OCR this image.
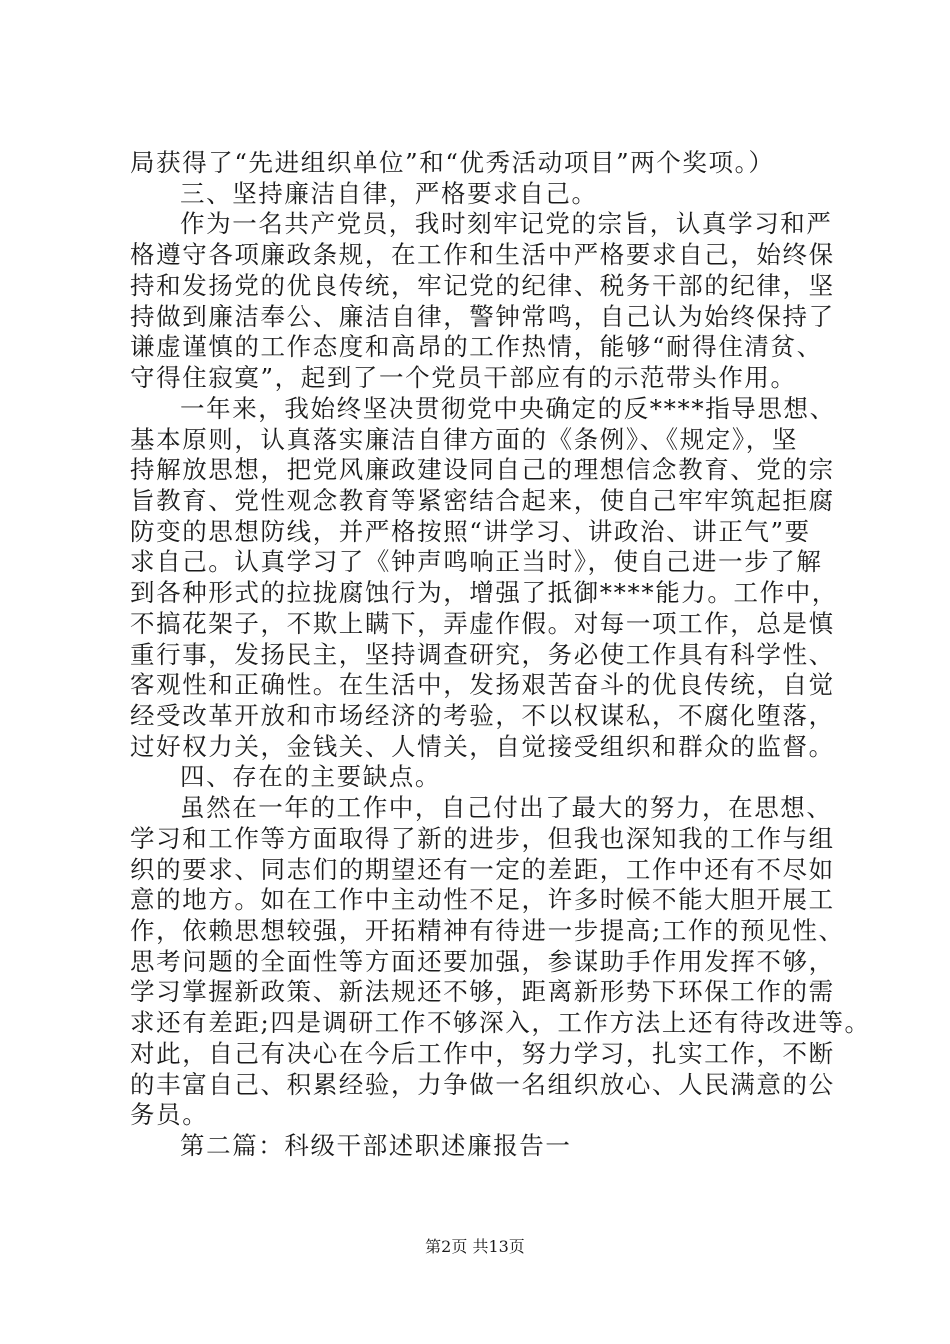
局获得了“先进组织单位”和“优秀活动项目”两个奖项。）
三、坚持廉洁自律，严格要求自己。
作为一名共产党员，我时刻牢记党的宗旨，认真学习和严
格遵守各项廉政条规，在工作和生活中严格要求自己，始终保
持和发扬党的优良传统，牢记党的纪律、税务干部的纪律，坚
持做到廉洁奉公、廉洁自律，警钟常鸣，自己认为始终保持了
谦虚谨慎的工作态度和高昂的工作热情，能够“耐得住清贫、
守得住寂寞”，起到了一个党员干部应有的示范带头作用。
一年来，我始终坚决贯彻党中央确定的反****指导思想、
基本原则，认真落实廉洁自律方面的《条例》、《规定》，坚
持解放思想，把党风廉政建设同自己的理想信念教育、党的宗
旨教育、党性观念教育等紧密结合起来，使自己牢牢筑起拒腐
防变的思想防线，并严格按照“讲学习、讲政治、讲正气”要
求自己。认真学习了《钟声鸣响正当时》，使自己进一步了解
到各种形式的拉拢腐蚀行为，增强了抵御****能力。工作中，
不搞花架子，不欺上瞒下，弄虚作假。对每一项工作，总是慎
重行事，发扬民主，坚持调查研究，务必使工作具有科学性、
客观性和正确性。在生活中，发扬艰苦奋斗的优良传统，自觉
经受改革开放和市场经济的考验，不以权谋私，不腐化堕落，
过好权力关，金钱关、人情关，自觉接受组织和群众的监督。
四、存在的主要缺点。
虽然在一年的工作中，自己付出了最大的努力，在思想、
学习和工作等方面取得了新的进步，但我也深知我的工作与组
织的要求、同志们的期望还有一定的差距，工作中还有不尽如
意的地方。如在工作中主动性不足，许多时候不能大胆开展工
作，依赖思想较强，开拓精神有待进一步提高;工作的预见性、
思考问题的全面性等方面还要加强，参谋助手作用发挥不够，
学习掌握新政策、新法规还不够，距离新形势下环保工作的需
求还有差距;四是调研工作不够深入，工作方法上还有待改进等。
对此，自己有决心在今后工作中，努力学习，扎实工作，不断
的丰富自己、积累经验，力争做一名组织放心、人民满意的公
务员。
第二篇：科级干部述职述廉报告一
第2页 共13页
